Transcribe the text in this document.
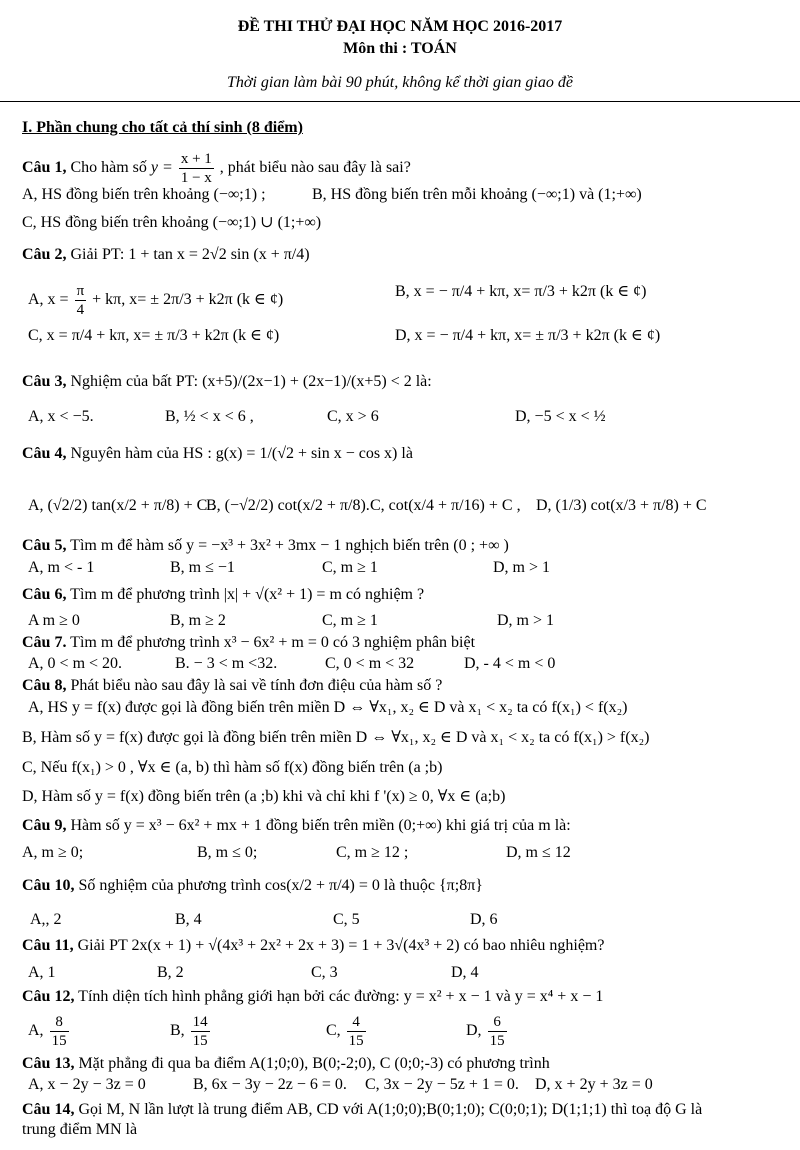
ĐỀ THI THỬ ĐẠI HỌC NĂM HỌC 2016-2017
Môn thi : TOÁN
Thời gian làm bài 90 phút, không kể thời gian giao đề
I. Phần chung cho tất cả thí sinh (8 điểm)
Câu 1, Cho hàm số $y = \frac{x + 1}{1 - x}$ , phát biểu nào sau đây là sai?
A, HS đồng biến trên khoảng (−∞;1) ;	B, HS đồng biến trên mỗi khoảng (−∞;1) và (1;+∞)
C, HS đồng biến trên khoảng (−∞;1) ∪ (1;+∞)
Câu 2, Giải PT: 1 + tan x = 2√2 sin (x + π/4)
A, $x = \frac{\pi}{4} + k\pi$, x= ± 2π/3 + k2π (k ∈ ¢)	B, x = − π/4 + kπ, x= π/3 + k2π (k ∈ ¢)
C, x = π/4 + kπ, x= ± π/3 + k2π (k ∈ ¢)	D, x = − π/4 + kπ, x= ± π/3 + k2π (k ∈ ¢)
Câu 3, Nghiệm của bất PT: (x+5)/(2x−1) + (2x−1)/(x+5) < 2 là:
A, x < −5.	B, ½ < x < 6 ,	C, x > 6	D, −5 < x < ½
Câu 4, Nguyên hàm của HS : g(x) = 1/(√2 + sin x − cos x) là
A, (√2/2) tan(x/2 + π/8) + C .
B, (−√2/2) cot(x/2 + π/8). C, cot(x/4 + π/16) + C , D, (1/3) cot(x/3 + π/8) + C
Câu 5, Tìm m để hàm số y = −x³ + 3x² + 3mx − 1 nghịch biến trên (0 ; +∞ )
A, m < - 1	B, m ≤ −1	C, m ≥ 1	D, m > 1
Câu 6, Tìm m để phương trình |x| + √(x² + 1) = m có nghiệm ?
A m ≥ 0	B, m ≥ 2	C, m ≥ 1	D, m > 1
Câu 7. Tìm m để phương trình x³ − 6x² + m = 0 có 3 nghiệm phân biệt
A, 0 < m < 20.	B. − 3 < m <32.	C, 0 < m < 32	D, - 4 < m < 0
Câu 8, Phát biểu nào sau đây là sai về tính đơn điệu của hàm số ?
A, HS y = f(x) được gọi là đồng biến trên miền D ⇔ ∀x₁, x₂ ∈ D và x₁ < x₂ ta có f(x₁) < f(x₂)
B, Hàm số y = f(x) được gọi là đồng biến trên miền D ⇔ ∀x₁, x₂ ∈ D và x₁ < x₂ ta có f(x₁) > f(x₂)
C, Nếu f(x₁) > 0 , ∀x ∈ (a, b) thì hàm số f(x) đồng biến trên (a ;b)
D, Hàm số y = f(x) đồng biến trên (a ;b) khi và chỉ khi f '(x) ≥ 0, ∀x ∈ (a;b)
Câu 9, Hàm số y = x³ − 6x² + mx + 1 đồng biến trên miền (0;+∞) khi giá trị của m là:
A, m ≥ 0;	B, m ≤ 0;	C, m ≥ 12 ;	D, m ≤ 12
Câu 10, Số nghiệm của phương trình cos(x/2 + π/4) = 0 là thuộc {π;8π}
A,, 2	B, 4	C, 5	D, 6
Câu 11, Giải PT 2x(x + 1) + √(4x³ + 2x² + 2x + 3) = 1 + 3√(4x³ + 2) có bao nhiêu nghiệm?
A, 1	B, 2	C, 3	D, 4
Câu 12, Tính diện tích hình phẳng giới hạn bởi các đường: y = x² + x − 1 và y = x⁴ + x − 1
A, $\frac{8}{15}$	B, $\frac{14}{15}$	C, $\frac{4}{15}$	D, $\frac{6}{15}$
Câu 13, Mặt phẳng đi qua ba điểm A(1;0;0), B(0;-2;0), C (0;0;-3) có phương trình
A, x − 2y − 3z = 0	B, 6x − 3y − 2z − 6 = 0. C, 3x − 2y − 5z + 1 = 0. D, x + 2y + 3z = 0
Câu 14, Gọi M, N lần lượt là trung điểm AB, CD với A(1;0;0);B(0;1;0); C(0;0;1); D(1;1;1) thì toạ độ G là
trung điểm MN là
